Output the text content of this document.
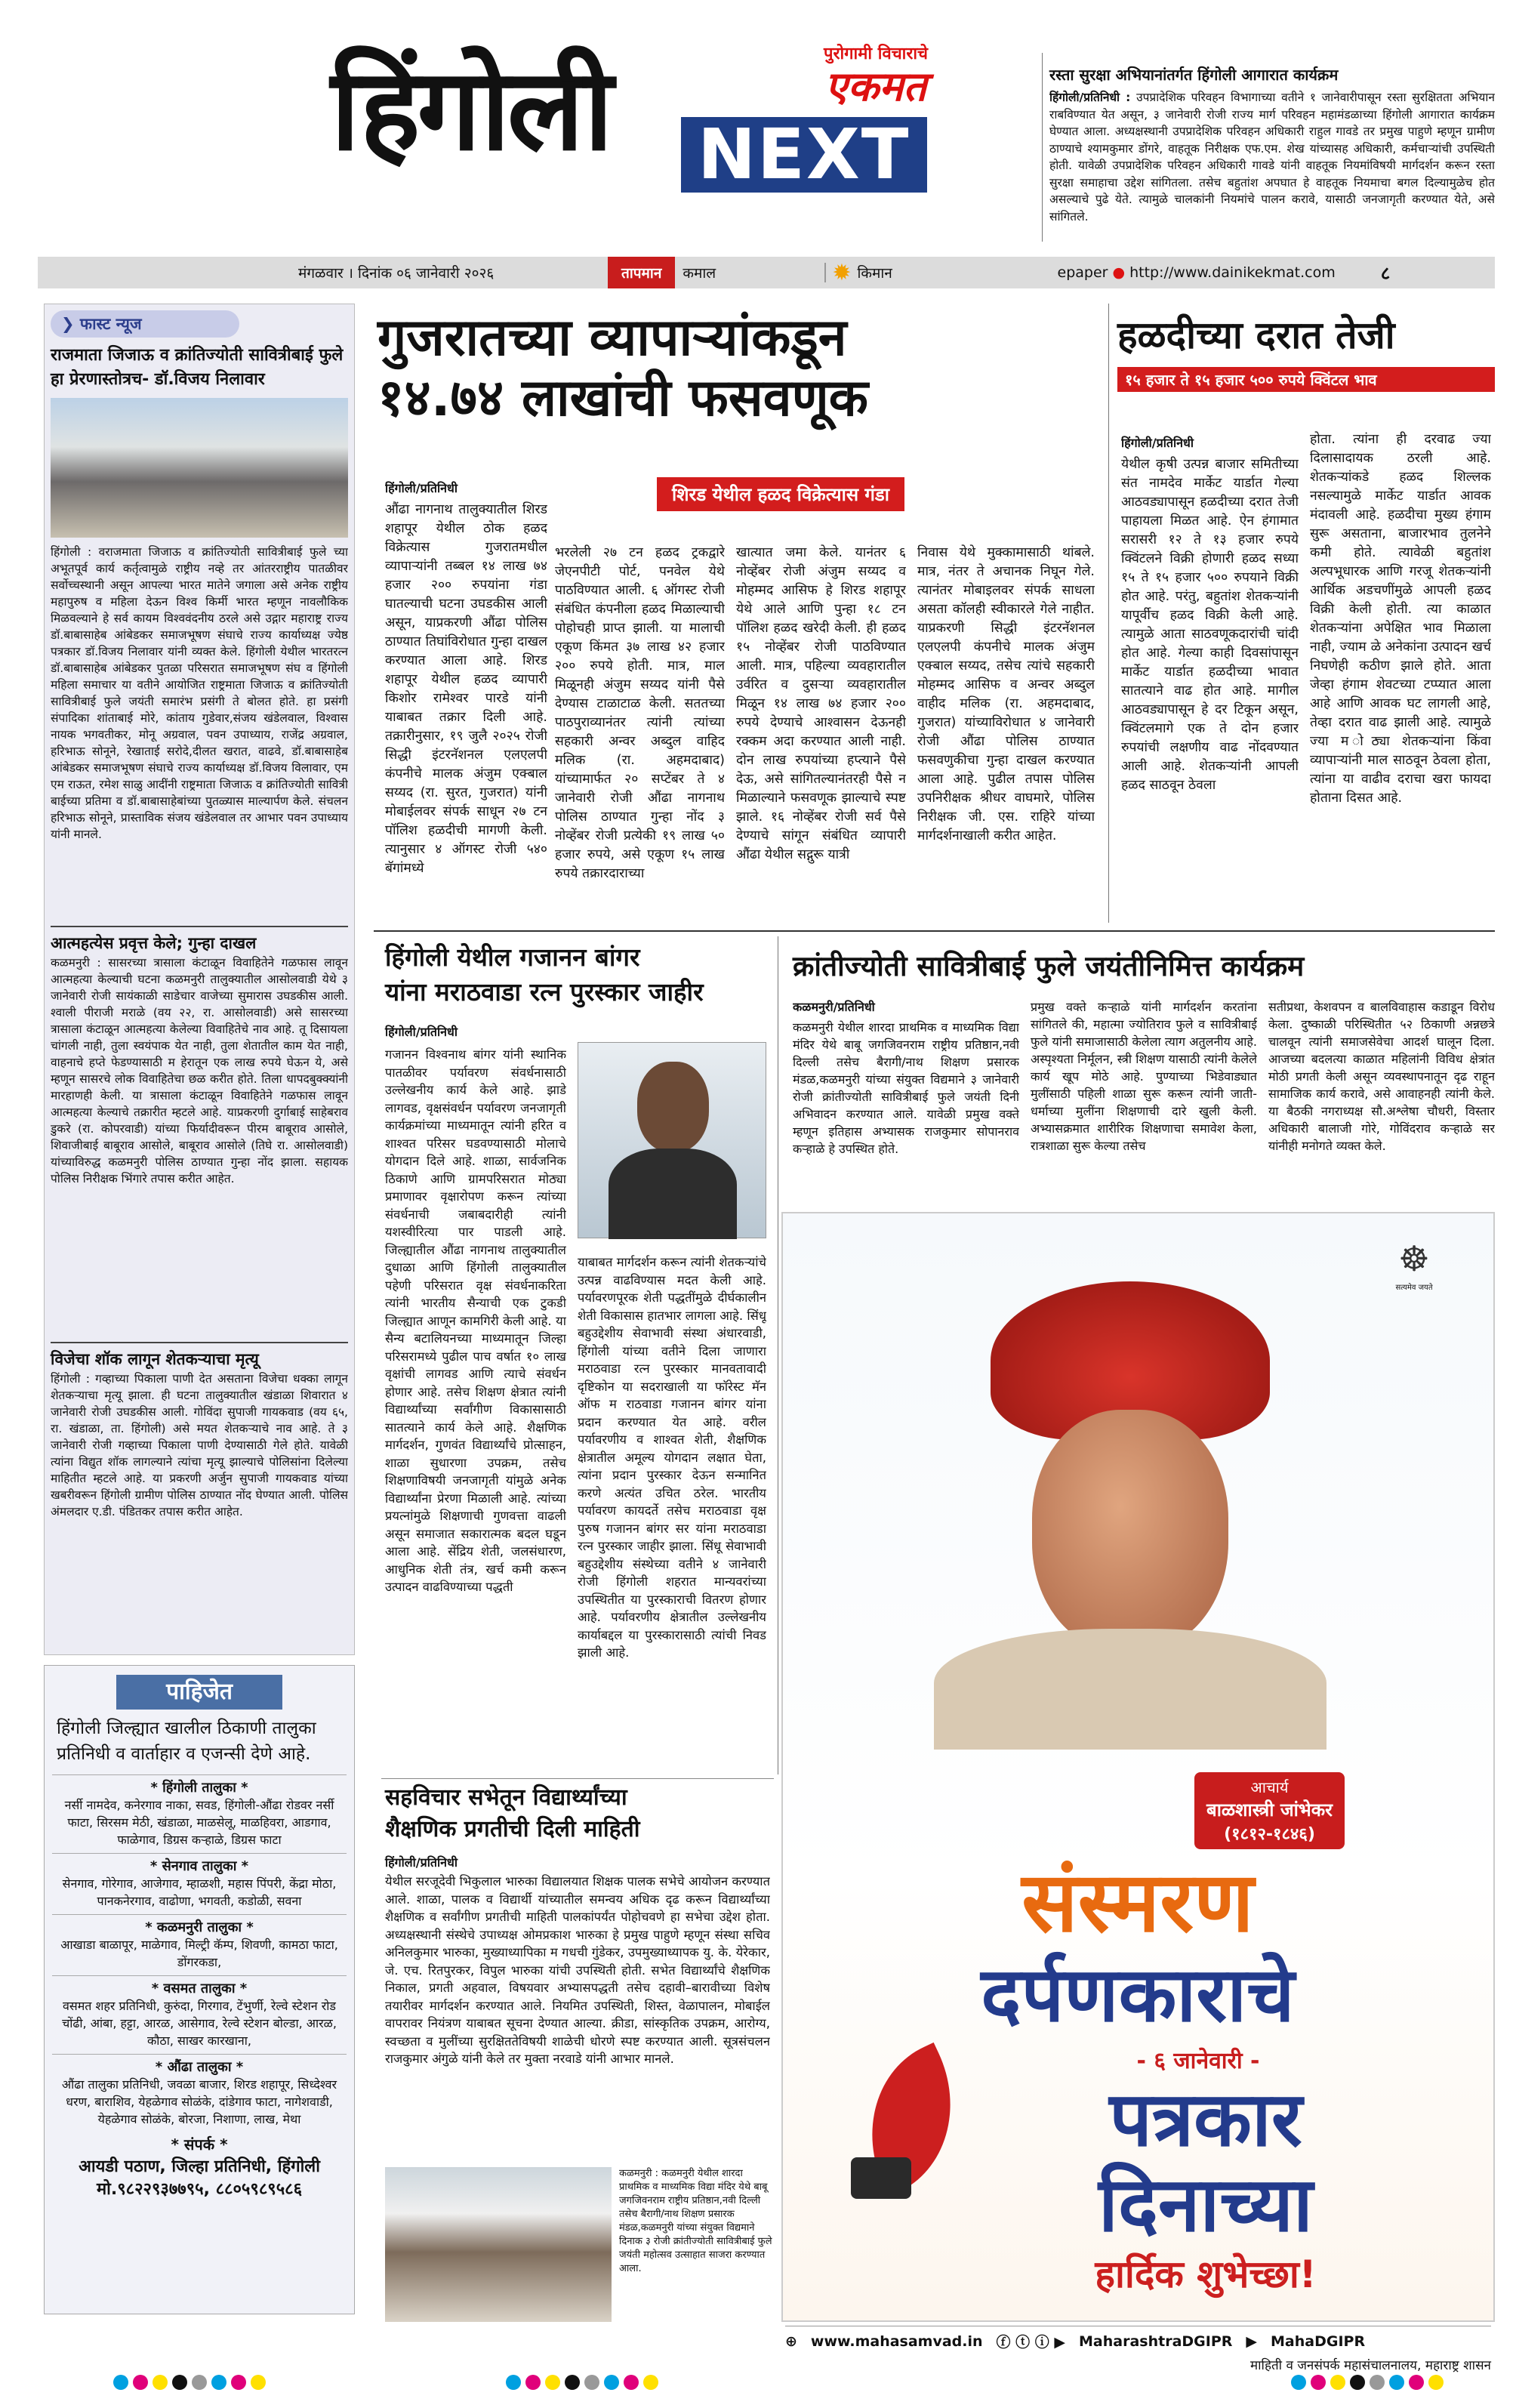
हिंगोली	पुरोगामी विचाराचे
एकमत
NEXT
रस्ता सुरक्षा अभियानांतर्गत हिंगोली आगारात कार्यक्रम
हिंगोली/प्रतिनिधी : उपप्रादेशिक परिवहन विभागाच्या वतीने १ जानेवारीपासून रस्ता सुरक्षितता अभियान राबविण्यात येत असून, ३ जानेवारी रोजी राज्य मार्ग परिवहन महामंडळाच्या हिंगोली आगारात कार्यक्रम घेण्यात आला. अध्यक्षस्थानी उपप्रादेशिक परिवहन अधिकारी राहुल गावडे तर प्रमुख पाहुणे म्हणून ग्रामीण ठाण्याचे श्यामकुमार डोंगरे, वाहतूक निरीक्षक एफ.एम. शेख यांच्यासह अधिकारी, कर्मचाऱ्यांची उपस्थिती होती. यावेळी उपप्रादेशिक परिवहन अधिकारी गावडे यांनी वाहतूक नियमांविषयी मार्गदर्शन करून रस्ता सुरक्षा समाहाचा उद्देश सांगितला. तसेच बहुतांश अपघात हे वाहतूक नियमाचा बगल दिल्यामुळेच होत असल्याचे पुढे येते. त्यामुळे चालकांनी नियमांचे पालन करावे, यासाठी जनजागृती करण्यात येते, असे सांगितले.
मंगळवार । दिनांक ०६ जानेवारी २०२६	तापमान	कमाल	✹ किमान	epaper ● http://www.dainikekmat.com	८
❯ फास्ट न्यूज
राजमाता जिजाऊ व क्रांतिज्योती सावित्रीबाई फुले हा प्रेरणास्तोत्रच- डॉ.विजय निलावार
हिंगोली : वराजमाता जिजाऊ व क्रांतिज्योती सावित्रीबाई फुले च्या अभूतपूर्व कार्य कर्तृत्वामुळे राष्ट्रीय नव्हे तर आंतरराष्ट्रीय पातळीवर सर्वोच्चस्थानी असून आपल्या भारत मातेने जगाला असे अनेक राष्ट्रीय महापुरुष व महिला देऊन विश्व किर्मी भारत म्हणून नावलौकिक मिळवल्याने हे सर्व कायम विश्ववंदनीय ठरले असे उद्गार महाराष्ट्र राज्य डॉ.बाबासाहेब आंबेडकर समाजभूषण संघाचे राज्य कार्याध्यक्ष ज्येष्ठ पत्रकार डॉ.विजय निलावार यांनी व्यक्त केले. हिंगोली येथील भारतरत्न डॉ.बाबासाहेब आंबेडकर पुतळा परिसरात समाजभूषण संघ व हिंगोली महिला समाचार या वतीने आयोजित राष्ट्रमाता जिजाऊ व क्रांतिज्योती सावित्रीबाई फुले जयंती समारंभ प्रसंगी ते बोलत होते. हा प्रसंगी संपादिका शांताबाई मोरे, कांताय गुडेवार,संजय खंडेलवाल, विश्वास नायक भगवतीकर, मोनू अग्रवाल, पवन उपाध्याय, राजेंद्र अग्रवाल, हरिभाऊ सोनूने, रेखाताई सरोदे,दीलत खरात, वाढवे, डॉ.बाबासाहेब आंबेडकर समाजभूषण संघाचे राज्य कार्याध्यक्ष डॉ.विजय विलावार, एम एम राऊत, रमेश साळु आदींनी राष्ट्रमाता जिजाऊ व क्रांतिज्योती सावित्री बाईच्या प्रतिमा व डॉ.बाबासाहेबांच्या पुतळ्यास माल्यार्पण केले. संचलन हरिभाऊ सोनूने, प्रास्ताविक संजय खंडेलवाल तर आभार पवन उपाध्याय यांनी मानले.
आत्महत्येस प्रवृत्त केले; गुन्हा दाखल
कळमनुरी : सासरच्या त्रासाला कंटाळून विवाहितेने गळफास लावून आत्महत्या केल्याची घटना कळमनुरी तालुक्यातील आसोलवाडी येथे ३ जानेवारी रोजी सायंकाळी साडेचार वाजेच्या सुमारास उघडकीस आली. श्वाली पीराजी मराळे (वय २२, रा. आसोलवाडी) असे सासरच्या त्रासाला कंटाळून आत्महत्या केलेल्या विवाहितेचे नाव आहे. तू दिसायला चांगली नाही, तुला स्वयंपाक येत नाही, तुला शेतातील काम येत नाही, वाहनाचे हप्ते फेडण्यासाठी म हेरातून एक लाख रुपये घेऊन ये, असे म्हणून सासरचे लोक विवाहितेचा छळ करीत होते. तिला धापदबुक्क्यांनी मारहाणही केली. या त्रासाला कंटाळून विवाहितेने गळफास लावून आत्महत्या केल्याचे तक्रारीत म्हटले आहे. याप्रकरणी दुर्गाबाई साहेबराव डुकरे (रा. कोपरवाडी) यांच्या फिर्यादीवरून पीरम बाबूराव आसोले, शिवाजीबाई बाबूराव आसोले, बाबूराव आसोले (तिघे रा. आसोलवाडी) यांच्याविरुद्ध कळमनुरी पोलिस ठाण्यात गुन्हा नोंद झाला. सहायक पोलिस निरीक्षक भिंगारे तपास करीत आहेत.
विजेचा शॉक लागून शेतकऱ्याचा मृत्यू
हिंगोली : गव्हाच्या पिकाला पाणी देत असताना विजेचा धक्का लागून शेतकऱ्याचा मृत्यू झाला. ही घटना तालुक्यातील खंडाळा शिवारात ४ जानेवारी रोजी उघडकीस आली. गोविंदा सुपाजी गायकवाड (वय ६५, रा. खंडाळा, ता. हिंगोली) असे मयत शेतकऱ्याचे नाव आहे. ते ३ जानेवारी रोजी गव्हाच्या पिकाला पाणी देण्यासाठी गेले होते. यावेळी त्यांना विद्युत शॉक लागल्याने त्यांचा मृत्यू झाल्याचे पोलिसांना दिलेल्या माहितीत म्हटले आहे. या प्रकरणी अर्जुन सुपाजी गायकवाड यांच्या खबरीवरून हिंगोली ग्रामीण पोलिस ठाण्यात नोंद घेण्यात आली. पोलिस अंमलदार ए.डी. पंडितकर तपास करीत आहेत.
पाहिजेत
हिंगोली जिल्ह्यात खालील ठिकाणी तालुका प्रतिनिधी व वार्ताहार व एजन्सी देणे आहे.
* हिंगोली तालुका *
नर्सी नामदेव, कनेरगाव नाका, सवड, हिंगोली-औंढा रोडवर नर्सी फाटा, सिरसम मेठी, खंडाळा, माळसेलू, माळहिवरा, आडगाव, फाळेगाव, डिग्रस कऱ्हाळे, डिग्रस फाटा
* सेनगाव तालुका *
सेनगाव, गोरेगाव, आजेगाव, म्हाळशी, महास पिंपरी, केंद्रा मोठा, पानकनेरगाव, वाढोणा, भगवती, कडोळी, सवना
* कळमनुरी तालुका *
आखाडा बाळापूर, माळेगाव, मिल्ट्री कॅम्प, शिवणी, कामठा फाटा, डोंगरकडा,
* वसमत तालुका *
वसमत शहर प्रतिनिधी, कुरुंदा, गिरगाव, टेंभुर्णी, रेल्वे स्टेशन रोड चोंढी, आंबा, हट्टा, आरळ, आसेगाव, रेल्वे स्टेशन बोल्डा, आरळ, कौठा, साखर कारखाना,
* औंढा तालुका *
औंढा तालुका प्रतिनिधी, जवळा बाजार, शिरड शहापूर, सिध्देश्वर धरण, बाराशिव, येहळेगाव सोळंके, दांडेगाव फाटा, नागेशवाडी, येहळेगाव सोळंके, बोरजा, निशाणा, लाख, मेथा
* संपर्क *
आयडी पठाण, जिल्हा प्रतिनिधी, हिंगोली
मो.९८२२९३७७९५, ८८०५९८९५८६
गुजरातच्या व्यापाऱ्यांकडून
१४.७४ लाखांची फसवणूक
शिरड येथील हळद विक्रेत्यास गंडा
हिंगोली/प्रतिनिधी
औंढा नागनाथ तालुक्यातील शिरड शहापूर येथील ठोक हळद विक्रेत्यास गुजरातमधील व्यापाऱ्यांनी तब्बल १४ लाख ७४ हजार २०० रुपयांना गंडा घातल्याची घटना उघडकीस आली असून, याप्रकरणी औंढा पोलिस ठाण्यात तिघांविरोधात गुन्हा दाखल करण्यात आला आहे. शिरड शहापूर येथील हळद व्यापारी किशोर रामेश्वर पारडे यांनी याबाबत तक्रार दिली आहे. तक्रारीनुसार, १९ जुलै २०२५ रोजी सिद्धी इंटरनॅशनल एलएलपी कंपनीचे मालक अंजुम एक्बाल सय्यद (रा. सुरत, गुजरात) यांनी मोबाईलवर संपर्क साधून २७ टन पॉलिश हळदीची मागणी केली. त्यानुसार ४ ऑगस्ट रोजी ५४० बॅगांमध्ये
भरलेली २७ टन हळद ट्रकद्वारे जेएनपीटी पोर्ट, पनवेल येथे पाठविण्यात आली. ६ ऑगस्ट रोजी संबंधित कंपनीला हळद मिळाल्याची पोहोचही प्राप्त झाली. या मालाची एकूण किंमत ३७ लाख ४२ हजार २०० रुपये होती. मात्र, माल मिळूनही अंजुम सय्यद यांनी पैसे देण्यास टाळाटाळ केली. सततच्या पाठपुराव्यानंतर त्यांनी त्यांच्या सहकारी अन्वर अब्दुल वाहिद मलिक (रा. अहमदाबाद) यांच्यामार्फत २० सप्टेंबर ते ४ जानेवारी रोजी औंढा नागनाथ पोलिस ठाण्यात गुन्हा नोंद ३ नोव्हेंबर रोजी प्रत्येकी १९ लाख ५० हजार रुपये, असे एकूण १५ लाख रुपये तक्रारदाराच्या
खात्यात जमा केले. यानंतर ६ नोव्हेंबर रोजी अंजुम सय्यद व मोहम्मद आसिफ हे शिरड शहापूर येथे आले आणि पुन्हा १८ टन पॉलिश हळद खरेदी केली. ही हळद १५ नोव्हेंबर रोजी पाठविण्यात आली. मात्र, पहिल्या व्यवहारातील उर्वरित व दुसऱ्या व्यवहारातील मिळून १४ लाख ७४ हजार २०० रुपये देण्याचे आश्वासन देऊनही रक्कम अदा करण्यात आली नाही. दोन लाख रुपयांच्या हप्त्याने पैसे देऊ, असे सांगितल्यानंतरही पैसे न मिळाल्याने फसवणूक झाल्याचे स्पष्ट झाले. १६ नोव्हेंबर रोजी सर्व पैसे देण्याचे सांगून संबंधित व्यापारी औंढा येथील सद्गुरू यात्री
निवास येथे मुक्कामासाठी थांबले. मात्र, नंतर ते अचानक निघून गेले. त्यानंतर मोबाइलवर संपर्क साधला असता कॉलही स्वीकारले गेले नाहीत. याप्रकरणी सिद्धी इंटरनॅशनल एलएलपी कंपनीचे मालक अंजुम एक्बाल सय्यद, तसेच त्यांचे सहकारी मोहम्मद आसिफ व अन्वर अब्दुल वाहीद मलिक (रा. अहमदाबाद, गुजरात) यांच्याविरोधात ४ जानेवारी रोजी औंढा पोलिस ठाण्यात फसवणुकीचा गुन्हा दाखल करण्यात आला आहे. पुढील तपास पोलिस उपनिरीक्षक श्रीधर वाघमारे, पोलिस निरीक्षक जी. एस. राहिरे यांच्या मार्गदर्शनाखाली करीत आहेत.
हळदीच्या दरात तेजी
१५ हजार ते १५ हजार ५०० रुपये क्विंटल भाव
हिंगोली/प्रतिनिधी
येथील कृषी उत्पन्न बाजार समितीच्या संत नामदेव मार्केट यार्डात गेल्या आठवड्यापासून हळदीच्या दरात तेजी पाहायला मिळत आहे. ऐन हंगामात सरासरी १२ ते १३ हजार रुपये क्विंटलने विक्री होणारी हळद सध्या १५ ते १५ हजार ५०० रुपयाने विक्री होत आहे. परंतु, बहुतांश शेतकऱ्यांनी यापूर्वीच हळद विक्री केली आहे. त्यामुळे आता साठवणूकदारांची चांदी होत आहे. गेल्या काही दिवसांपासून मार्केट यार्डात हळदीच्या भावात सातत्याने वाढ होत आहे. मागील आठवड्यापासून हे दर टिकून असून, क्विंटलमागे एक ते दोन हजार रुपयांची लक्षणीय वाढ नोंदवण्यात आली आहे. शेतकऱ्यांनी आपली हळद साठवून ठेवला
होता. त्यांना ही दरवाढ ज्या दिलासादायक ठरली आहे. शेतकऱ्यांकडे हळद शिल्लक नसल्यामुळे मार्केट यार्डात आवक मंदावली आहे. हळदीचा मुख्य हंगाम सुरू असताना, बाजारभाव तुलनेने कमी होते. त्यावेळी बहुतांश अल्पभूधारक आणि गरजू शेतकऱ्यांनी आर्थिक अडचणींमुळे आपली हळद विक्री केली होती. त्या काळात शेतकऱ्यांना अपेक्षित भाव मिळाला नाही, ज्याम ळे अनेकांना उत्पादन खर्च निघणेही कठीण झाले होते. आता जेव्हा हंगाम शेवटच्या टप्प्यात आला आहे आणि आवक घट लागली आहे, तेव्हा दरात वाढ झाली आहे. त्यामुळे ज्या म ोठ्या शेतकऱ्यांना किंवा व्यापाऱ्यांनी माल साठवून ठेवला होता, त्यांना या वाढीव दराचा खरा फायदा होताना दिसत आहे.
हिंगोली येथील गजानन बांगर
यांना मराठवाडा रत्न पुरस्कार जाहीर
हिंगोली/प्रतिनिधी
गजानन विश्वनाथ बांगर यांनी स्थानिक पातळीवर पर्यावरण संवर्धनासाठी उल्लेखनीय कार्य केले आहे. झाडे लागवड, वृक्षसंवर्धन पर्यावरण जनजागृती कार्यक्रमांच्या माध्यमातून त्यांनी हरित व शाश्वत परिसर घडवण्यासाठी मोलाचे योगदान दिले आहे. शाळा, सार्वजनिक ठिकाणे आणि ग्रामपरिसरात मोठ्या प्रमाणावर वृक्षारोपण करून त्यांच्या संवर्धनाची जबाबदारीही त्यांनी यशस्वीरित्या पार पाडली आहे. जिल्ह्यातील औंढा नागनाथ तालुक्यातील दुधाळा आणि हिंगोली तालुक्यातील पहेणी परिसरात वृक्ष संवर्धनाकरिता त्यांनी भारतीय सैन्याची एक टुकडी जिल्ह्यात आणून कामगिरी केली आहे. या सैन्य बटालियनच्या माध्यमातून जिल्हा परिसरामध्ये पुढील पाच वर्षात १० लाख वृक्षांची लागवड आणि त्याचे संवर्धन होणार आहे. तसेच शिक्षण क्षेत्रात त्यांनी विद्यार्थ्यांच्या सर्वांगीण विकासासाठी सातत्याने कार्य केले आहे. शैक्षणिक मार्गदर्शन, गुणवंत विद्यार्थ्यांचे प्रोत्साहन, शाळा सुधारणा उपक्रम, तसेच शिक्षणाविषयी जनजागृती यांमुळे अनेक विद्यार्थ्यांना प्रेरणा मिळाली आहे. त्यांच्या प्रयत्नांमुळे शिक्षणाची गुणवत्ता वाढली असून समाजात सकारात्मक बदल घडून आला आहे. सेंद्रिय शेती, जलसंधारण, आधुनिक शेती तंत्र, खर्च कमी करून उत्पादन वाढविण्याच्या पद्धती
याबाबत मार्गदर्शन करून त्यांनी शेतकऱ्यांचे उत्पन्न वाढविण्यास मदत केली आहे. पर्यावरणपूरक शेती पद्धतींमुळे दीर्घकालीन शेती विकासास हातभार लागला आहे. सिंधू बहुउद्देशीय सेवाभावी संस्था अंधारवाडी, हिंगोली यांच्या वतीने दिला जाणारा मराठवाडा रत्न पुरस्कार मानवतावादी दृष्टिकोन या सदराखाली या फॉरेस्ट मॅन ऑफ म राठवाडा गजानन बांगर यांना प्रदान करण्यात येत आहे. वरील पर्यावरणीय व शाश्वत शेती, शैक्षणिक क्षेत्रातील अमूल्य योगदान लक्षात घेता, त्यांना प्रदान पुरस्कार देऊन सन्मानित करणे अत्यंत उचित ठरेल. भारतीय पर्यावरण कायदर्ते तसेच मराठवाडा वृक्ष पुरुष गजानन बांगर सर यांना मराठवाडा रत्न पुरस्कार जाहीर झाला. सिंधू सेवाभावी बहुउद्देशीय संस्थेच्या वतीने ४ जानेवारी रोजी हिंगोली शहरात मान्यवरांच्या उपस्थितीत या पुरस्काराची वितरण होणार आहे. पर्यावरणीय क्षेत्रातील उल्लेखनीय कार्याबद्दल या पुरस्कारासाठी त्यांची निवड झाली आहे.
क्रांतीज्योती सावित्रीबाई फुले जयंतीनिमित्त कार्यक्रम
कळमनुरी/प्रतिनिधी
कळमनुरी येथील शारदा प्राथमिक व माध्यमिक विद्या मंदिर येथे बाबू जगजिवनराम राष्ट्रीय प्रतिष्ठान,नवी दिल्ली तसेच बैरागी/नाथ शिक्षण प्रसारक मंडळ,कळमनुरी यांच्या संयुक्त विद्यमाने ३ जानेवारी रोजी क्रांतीज्योती सावित्रीबाई फुले जयंती दिनी अभिवादन करण्यात आले. यावेळी प्रमुख वक्ते म्हणून इतिहास अभ्यासक राजकुमार सोपानराव कऱ्हाळे हे उपस्थित होते.
प्रमुख वक्ते कऱ्हाळे यांनी मार्गदर्शन करतांना सांगितले की, महात्मा ज्योतिराव फुले व सावित्रीबाई फुले यांनी समाजासाठी केलेला त्याग अतुलनीय आहे. अस्पृश्यता निर्मूलन, स्त्री शिक्षण यासाठी त्यांनी केलेले कार्य खूप मोठे आहे. पुण्याच्या भिडेवाड्यात मुलींसाठी पहिली शाळा सुरू करून त्यांनी जाती-धर्माच्या मुलींना शिक्षणाची दारे खुली केली. अभ्यासक्रमात शारीरिक शिक्षणाचा समावेश केला, रात्रशाळा सुरू केल्या तसेच
सतीप्रथा, केशवपन व बालविवाहास कडाडून विरोध केला. दुष्काळी परिस्थितीत ५२ ठिकाणी अन्नछत्रे चालवून त्यांनी समाजसेवेचा आदर्श घालून दिला. आजच्या बदलत्या काळात महिलांनी विविध क्षेत्रांत मोठी प्रगती केली असून व्यवस्थापनातून दृढ राहून सामाजिक कार्य करावे, असे आवाहनही त्यांनी केले. या बैठकी नगराध्यक्ष सौ.अश्लेषा चौधरी, विस्तार अधिकारी बालाजी गोरे, गोविंदराव कऱ्हाळे सर यांनीही मनोगते व्यक्त केले.
☸
सत्यमेव जयते
आचार्य
बाळशास्त्री जांभेकर
(१८१२-१८४६)
संस्मरण
दर्पणकाराचे
- ६ जानेवारी -
पत्रकार
दिनाच्या
हार्दिक शुभेच्छा!
⊕ www.mahasamvad.in ⓕ ⓣ ⓘ ▶ MaharashtraDGIPR ▶ MahaDGIPR
माहिती व जनसंपर्क महासंचालनालय, महाराष्ट्र शासन
सहविचार सभेतून विद्यार्थ्यांच्या
शैक्षणिक प्रगतीची दिली माहिती
हिंगोली/प्रतिनिधी
येथील सरजूदेवी भिकुलाल भारुका विद्यालयात शिक्षक पालक सभेचे आयोजन करण्यात आले. शाळा, पालक व विद्यार्थी यांच्यातील समन्वय अधिक दृढ करून विद्यार्थ्यांच्या शैक्षणिक व सर्वांगीण प्रगतीची माहिती पालकांपर्यंत पोहोचवणे हा सभेचा उद्देश होता. अध्यक्षस्थानी संस्थेचे उपाध्यक्ष ओमप्रकाश भारुका हे प्रमुख पाहुणे म्हणून संस्था सचिव अनिलकुमार भारुका, मुख्याध्यापिका म गधची गुंडेकर, उपमुख्याध्यापक यु. के. येरेकार, जे. एच. रितपुरकर, विपुल भारुका यांची उपस्थिती होती. सभेत विद्यार्थ्यांचे शैक्षणिक निकाल, प्रगती अहवाल, विषयवार अभ्यासपद्धती तसेच दहावी–बारावीच्या विशेष तयारीवर मार्गदर्शन करण्यात आले. नियमित उपस्थिती, शिस्त, वेळापालन, मोबाईल वापरावर नियंत्रण याबाबत सूचना देण्यात आल्या. क्रीडा, सांस्कृतिक उपक्रम, आरोग्य, स्वच्छता व मुलींच्या सुरक्षिततेविषयी शाळेची धोरणे स्पष्ट करण्यात आली. सूत्रसंचलन राजकुमार अंगुळे यांनी केले तर मुक्ता नरवाडे यांनी आभार मानले.
कळमनुरी : कळमनुरी येथील शारदा प्राथमिक व माध्यमिक विद्या मंदिर येथे बाबू जगजिवनराम राष्ट्रीय प्रतिष्ठान,नवी दिल्ली तसेच बैरागी/नाथ शिक्षण प्रसारक मंडळ,कळमनुरी यांच्या संयुक्त विद्यमाने दिनाक ३ रोजी क्रांतीज्योती सावित्रीबाई फुले जयंती महोत्सव उत्साहात साजरा करण्यात आला.
